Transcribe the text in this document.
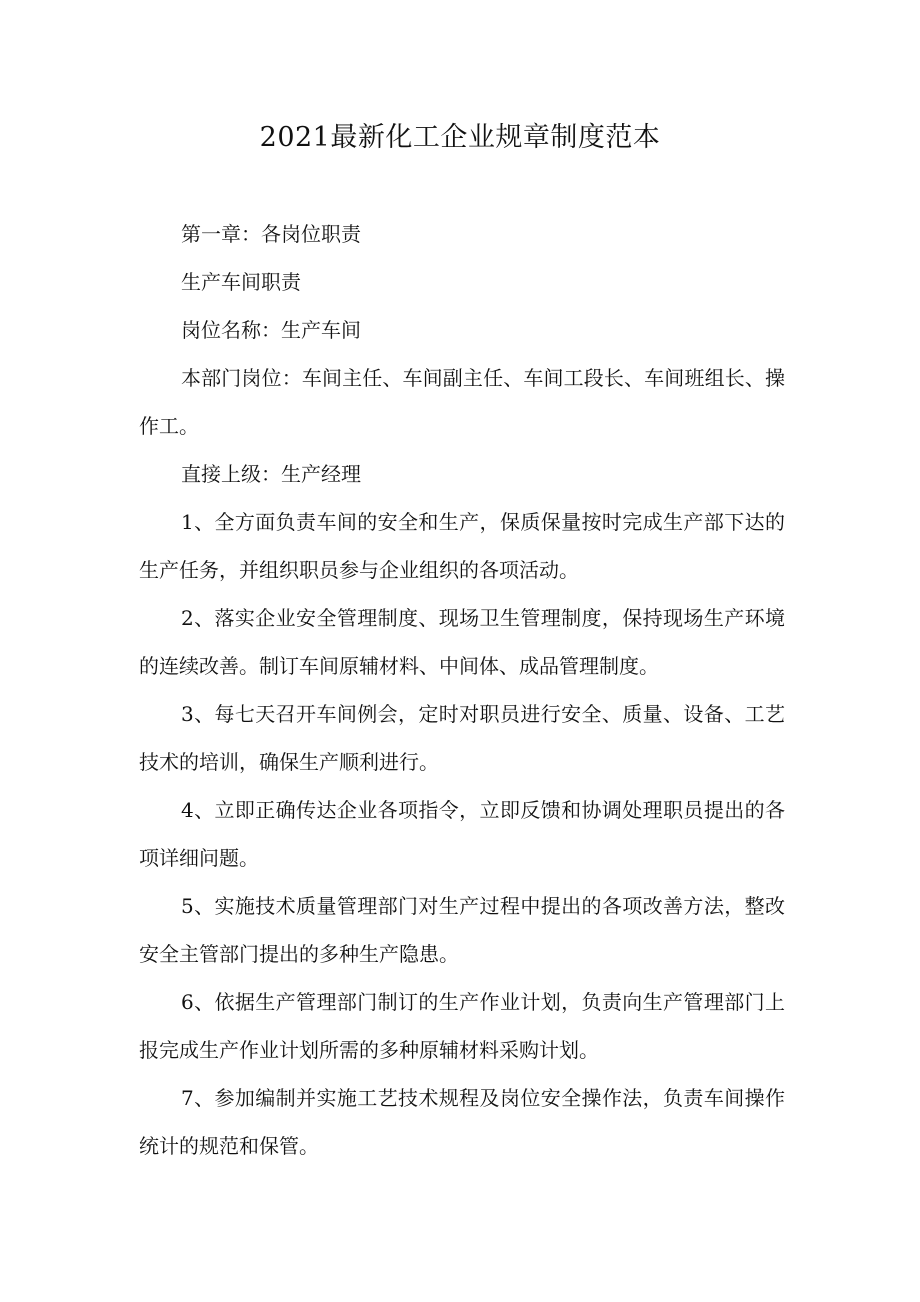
2021最新化工企业规章制度范本

第一章：各岗位职责

生产车间职责

岗位名称：生产车间

本部门岗位：车间主任、车间副主任、车间工段长、车间班组长、操作工。

直接上级：生产经理

1、全方面负责车间的安全和生产，保质保量按时完成生产部下达的生产任务，并组织职员参与企业组织的各项活动。

2、落实企业安全管理制度、现场卫生管理制度，保持现场生产环境的连续改善。制订车间原辅材料、中间体、成品管理制度。

3、每七天召开车间例会，定时对职员进行安全、质量、设备、工艺技术的培训，确保生产顺利进行。

4、立即正确传达企业各项指令，立即反馈和协调处理职员提出的各项详细问题。

5、实施技术质量管理部门对生产过程中提出的各项改善方法，整改安全主管部门提出的多种生产隐患。

6、依据生产管理部门制订的生产作业计划，负责向生产管理部门上报完成生产作业计划所需的多种原辅材料采购计划。

7、参加编制并实施工艺技术规程及岗位安全操作法，负责车间操作统计的规范和保管。
